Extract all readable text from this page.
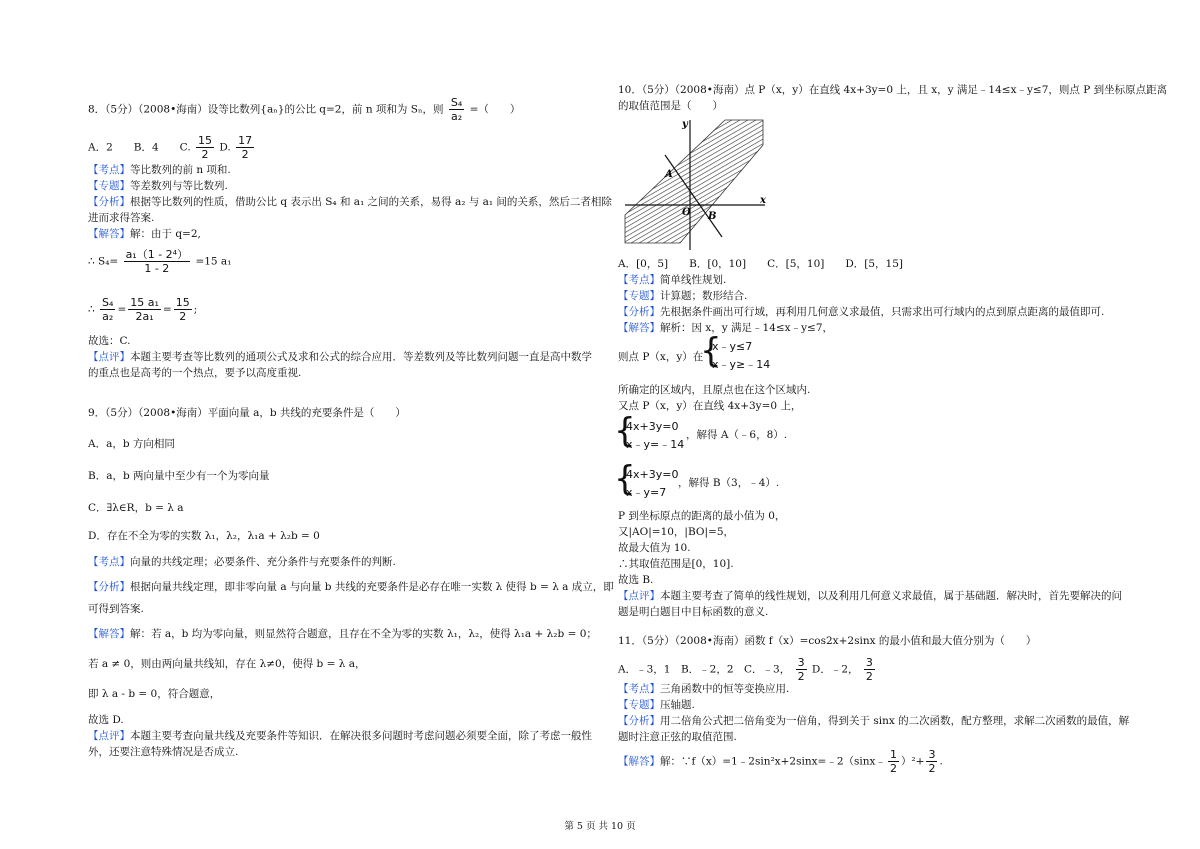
8．（5分）（2008•海南）设等比数列{aₙ}的公比 q=2，前 n 项和为 Sₙ，则 $\frac{\text{S₄}}{\text{a₂}}$ =（　　）
A．2　　B．4　　C. $\frac{15}{2} D$. $\frac{17}{2}$
【考点】等比数列的前 n 项和.
【专题】等差数列与等比数列.
【分析】根据等比数列的性质，借助公比 q 表示出 S₄ 和 a₁ 之间的关系，易得 a₂ 与 a₁ 间的关系，然后二者相除
进而求得答案.
【解答】解：由于 q=2,
∴ $S_4= \frac{\text{a₁（1 - 2⁴）}}{1 - 2} =15$ a₁
∴ $\frac{\text{S₄}}{\text{a₂}} = \frac{\text{15 a₁}}{\text{2a₁}} = \frac{15}{2}$ ;
故选：C.
【点评】本题主要考查等比数列的通项公式及求和公式的综合应用．等差数列及等比数列问题一直是高中数学
的重点也是高考的一个热点，要予以高度重视.
9．（5分）（2008•海南）平面向量 a，b 共线的充要条件是（　　）
A．a，b 方向相同
B．a，b 两向量中至少有一个为零向量
C．∃λ∈R，b = λ a
D．存在不全为零的实数 λ₁，λ₂，λ₁a + λ₂b = 0
【考点】向量的共线定理；必要条件、充分条件与充要条件的判断.
【分析】根据向量共线定理，即非零向量 a 与向量 b 共线的充要条件是必存在唯一实数 λ 使得 b = λ a 成立，即
可得到答案.
【解答】解：若 a，b 均为零向量，则显然符合题意，且存在不全为零的实数 λ₁，λ₂，使得 λ₁a + λ₂b = 0；
若 a ≠ 0，则由两向量共线知，存在 λ≠0，使得 b = λ a，
即 λ a - b = 0，符合题意，
故选 D.
【点评】本题主要考查向量共线及充要条件等知识．在解决很多问题时考虑问题必须要全面，除了考虑一般性
外，还要注意特殊情况是否成立.
10．（5分）（2008•海南）点 P（x，y）在直线 4x+3y=0 上，且 x，y 满足﹣14≤x﹣y≤7，则点 P 到坐标原点距离
的取值范围是（　　）
y
x
A
O B
A．[0，5]　　B．[0，10]　　C．[5，10]　　D．[5，15]
【考点】简单线性规划.
【专题】计算题；数形结合.
【分析】先根据条件画出可行域，再利用几何意义求最值，只需求出可行域内的点到原点距离的最值即可.
【解答】解析：因 x，y 满足﹣14≤x﹣y≤7，
则点 P（x，y）在
{
x﹣y≤7
x﹣y≥﹣14
所确定的区域内，且原点也在这个区域内.
又点 P（x，y）在直线 4x+3y=0 上，
{
4x+3y=0
x﹣y=﹣14
，解得 A（﹣6，8）.
{
4x+3y=0
x﹣y=7
，解得 B（3，﹣4）.
P 到坐标原点的距离的最小值为 0，
又|AO|=10，|BO|=5，
故最大值为 10.
∴其取值范围是[0，10].
故选 B.
【点评】本题主要考查了简单的线性规划，以及利用几何意义求最值，属于基础题．解决时，首先要解决的问
题是明白题目中目标函数的意义.
11．（5分）（2008•海南）函数 f（x）=cos2x+2sinx 的最小值和最大值分别为（　　）
A．﹣3，1　B．﹣2，2　C．﹣3， $\frac{3}{2}$ D．﹣2， $\frac{3}{2}$
【考点】三角函数中的恒等变换应用.
【专题】压轴题.
【分析】用二倍角公式把二倍角变为一倍角，得到关于 sinx 的二次函数，配方整理，求解二次函数的最值，解
题时注意正弦的取值范围.
【解答】解：∵f（x）=1﹣2sin²x+2sinx=﹣2（sinx﹣ $\frac{1}{2} )^2+ \frac{3}{2}$ .
第 5 页 共 10 页
